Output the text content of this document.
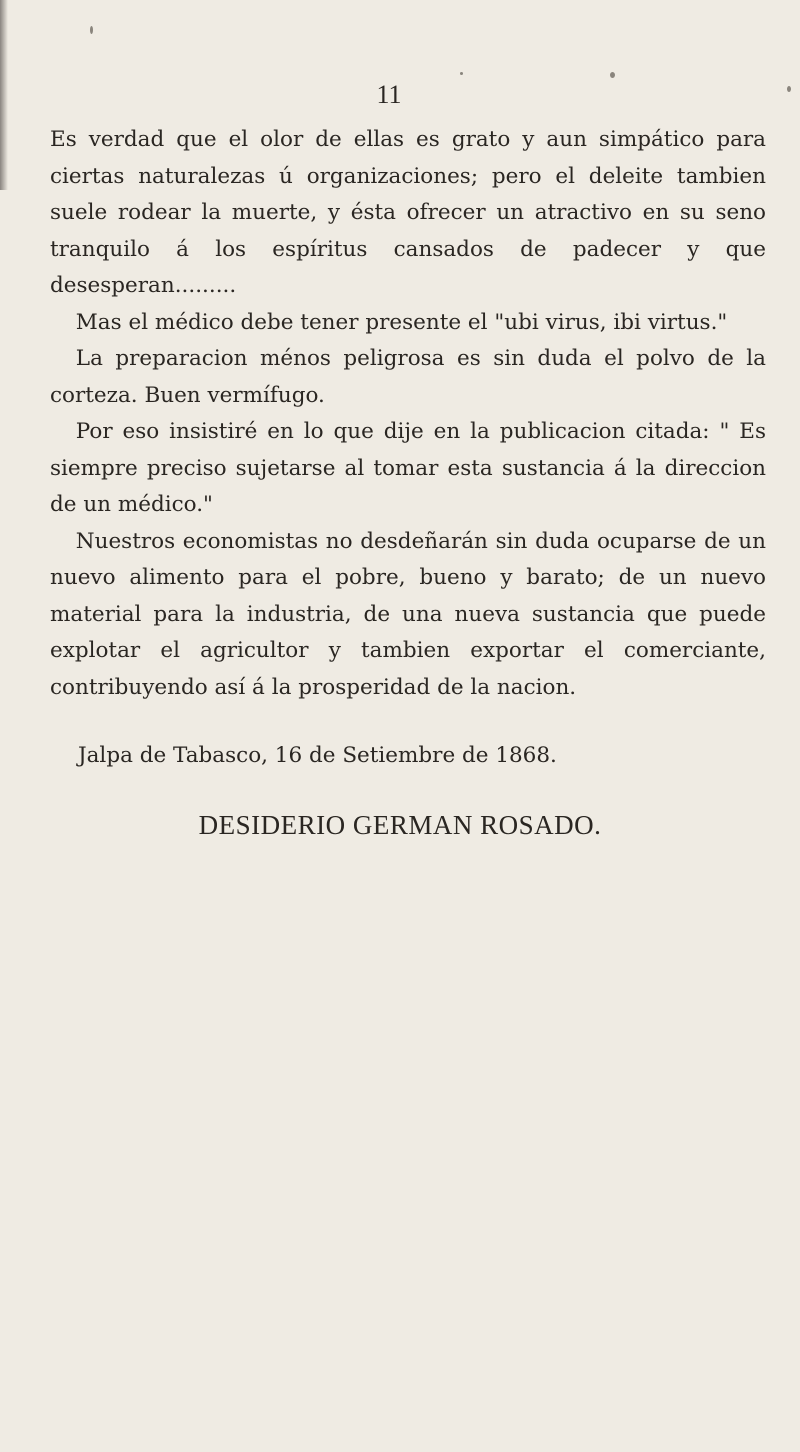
11

Es verdad que el olor de ellas es grato y aun simpático para ciertas naturalezas ú organizaciones; pero el deleite tambien suele rodear la muerte, y ésta ofrecer un atractivo en su seno tranquilo á los espíritus cansados de padecer y que desesperan.........

Mas el médico debe tener presente el "ubi virus, ibi virtus."

La preparacion ménos peligrosa es sin duda el polvo de la corteza. Buen vermífugo.

Por eso insistiré en lo que dije en la publicacion citada: " Es siempre preciso sujetarse al tomar esta sustancia á la direccion de un médico."

Nuestros economistas no desdeñarán sin duda ocuparse de un nuevo alimento para el pobre, bueno y barato; de un nuevo material para la industria, de una nueva sustancia que puede explotar el agricultor y tambien exportar el comerciante, contribuyendo así á la prosperidad de la nacion.

Jalpa de Tabasco, 16 de Setiembre de 1868.
DESIDERIO GERMAN ROSADO.
